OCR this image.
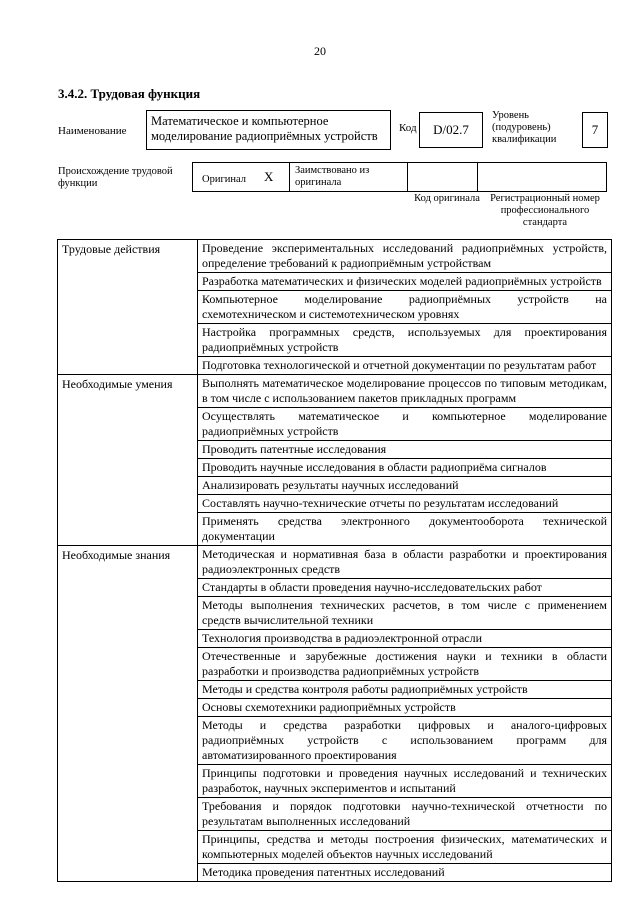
20
3.4.2. Трудовая функция
Наименование
Математическое и компьютерное моделирование радиоприёмных устройств
Код	D/02.7
Уровень (подуровень) квалификации
7
Происхождение трудовой функции	Оригинал X Заимствовано из оригинала
Код оригинала Регистрационный номер профессионального стандарта
Трудовые действия	Проведение экспериментальных исследований радиоприёмных устройств, определение требований к радиоприёмным устройствам
	Разработка математических и физических моделей радиоприёмных устройств
	Компьютерное моделирование радиоприёмных устройств на схемотехническом и системотехническом уровнях
	Настройка программных средств, используемых для проектирования радиоприёмных устройств
	Подготовка технологической и отчетной документации по результатам работ
Необходимые умения	Выполнять математическое моделирование процессов по типовым методикам, в том числе с использованием пакетов прикладных программ
	Осуществлять математическое и компьютерное моделирование радиоприёмных устройств
	Проводить патентные исследования
	Проводить научные исследования в области радиоприёма сигналов
	Анализировать результаты научных исследований
	Составлять научно-технические отчеты по результатам исследований
	Применять средства электронного документооборота технической документации
Необходимые знания	Методическая и нормативная база в области разработки и проектирования радиоэлектронных средств
	Стандарты в области проведения научно-исследовательских работ
	Методы выполнения технических расчетов, в том числе с применением средств вычислительной техники
	Технология производства в радиоэлектронной отрасли
	Отечественные и зарубежные достижения науки и техники в области разработки и производства радиоприёмных устройств
	Методы и средства контроля работы радиоприёмных устройств
	Основы схемотехники радиоприёмных устройств
	Методы и средства разработки цифровых и аналого-цифровых радиоприёмных устройств с использованием программ для автоматизированного проектирования
	Принципы подготовки и проведения научных исследований и технических разработок, научных экспериментов и испытаний
	Требования и порядок подготовки научно-технической отчетности по результатам выполненных исследований
	Принципы, средства и методы построения физических, математических и компьютерных моделей объектов научных исследований
	Методика проведения патентных исследований
